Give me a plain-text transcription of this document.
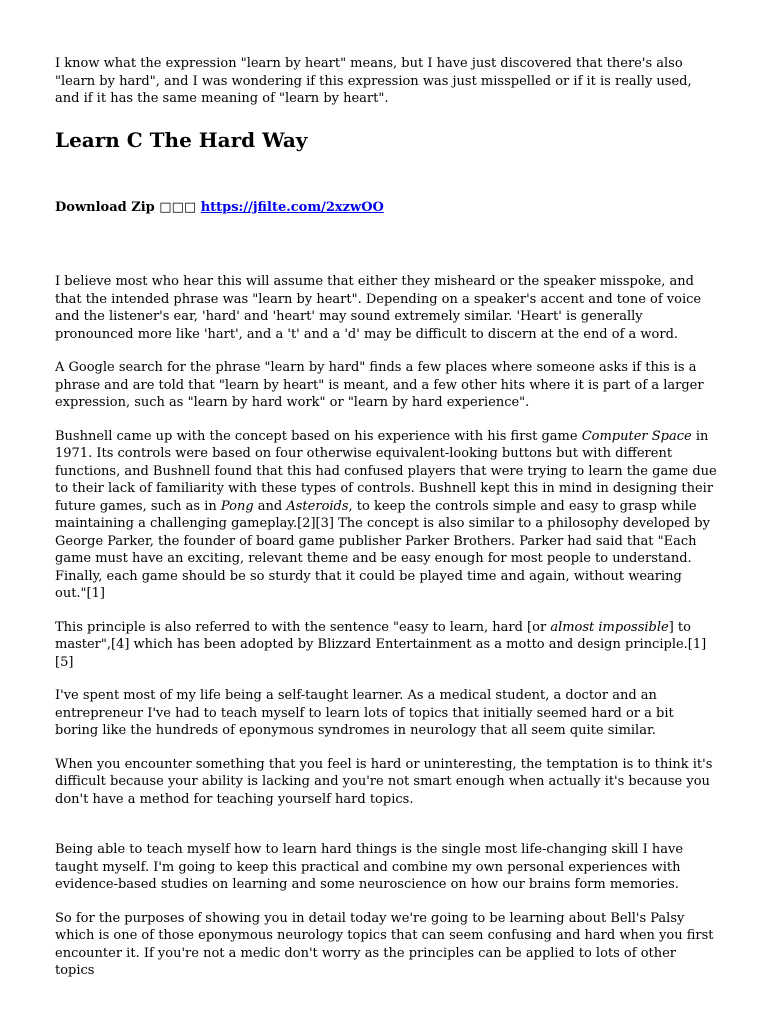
I know what the expression "learn by heart" means, but I have just discovered that there's also "learn by hard", and I was wondering if this expression was just misspelled or if it is really used, and if it has the same meaning of "learn by heart".

Learn C The Hard Way
Download Zip □□□ https://jfilte.com/2xzwOO

I believe most who hear this will assume that either they misheard or the speaker misspoke, and that the intended phrase was "learn by heart". Depending on a speaker's accent and tone of voice and the listener's ear, 'hard' and 'heart' may sound extremely similar. 'Heart' is generally pronounced more like 'hart', and a 't' and a 'd' may be difficult to discern at the end of a word.

A Google search for the phrase "learn by hard" finds a few places where someone asks if this is a phrase and are told that "learn by heart" is meant, and a few other hits where it is part of a larger expression, such as "learn by hard work" or "learn by hard experience".

Bushnell came up with the concept based on his experience with his first game Computer Space in 1971. Its controls were based on four otherwise equivalent-looking buttons but with different functions, and Bushnell found that this had confused players that were trying to learn the game due to their lack of familiarity with these types of controls. Bushnell kept this in mind in designing their future games, such as in Pong and Asteroids, to keep the controls simple and easy to grasp while maintaining a challenging gameplay.[2][3] The concept is also similar to a philosophy developed by George Parker, the founder of board game publisher Parker Brothers. Parker had said that "Each game must have an exciting, relevant theme and be easy enough for most people to understand. Finally, each game should be so sturdy that it could be played time and again, without wearing out."[1]

This principle is also referred to with the sentence "easy to learn, hard [or almost impossible] to master",[4] which has been adopted by Blizzard Entertainment as a motto and design principle.[1][5]

I've spent most of my life being a self-taught learner. As a medical student, a doctor and an entrepreneur I've had to teach myself to learn lots of topics that initially seemed hard or a bit boring like the hundreds of eponymous syndromes in neurology that all seem quite similar.

When you encounter something that you feel is hard or uninteresting, the temptation is to think it's difficult because your ability is lacking and you're not smart enough when actually it's because you don't have a method for teaching yourself hard topics.

Being able to teach myself how to learn hard things is the single most life-changing skill I have taught myself. I'm going to keep this practical and combine my own personal experiences with evidence-based studies on learning and some neuroscience on how our brains form memories.

So for the purposes of showing you in detail today we're going to be learning about Bell's Palsy which is one of those eponymous neurology topics that can seem confusing and hard when you first encounter it. If you're not a medic don't worry as the principles can be applied to lots of other topics
